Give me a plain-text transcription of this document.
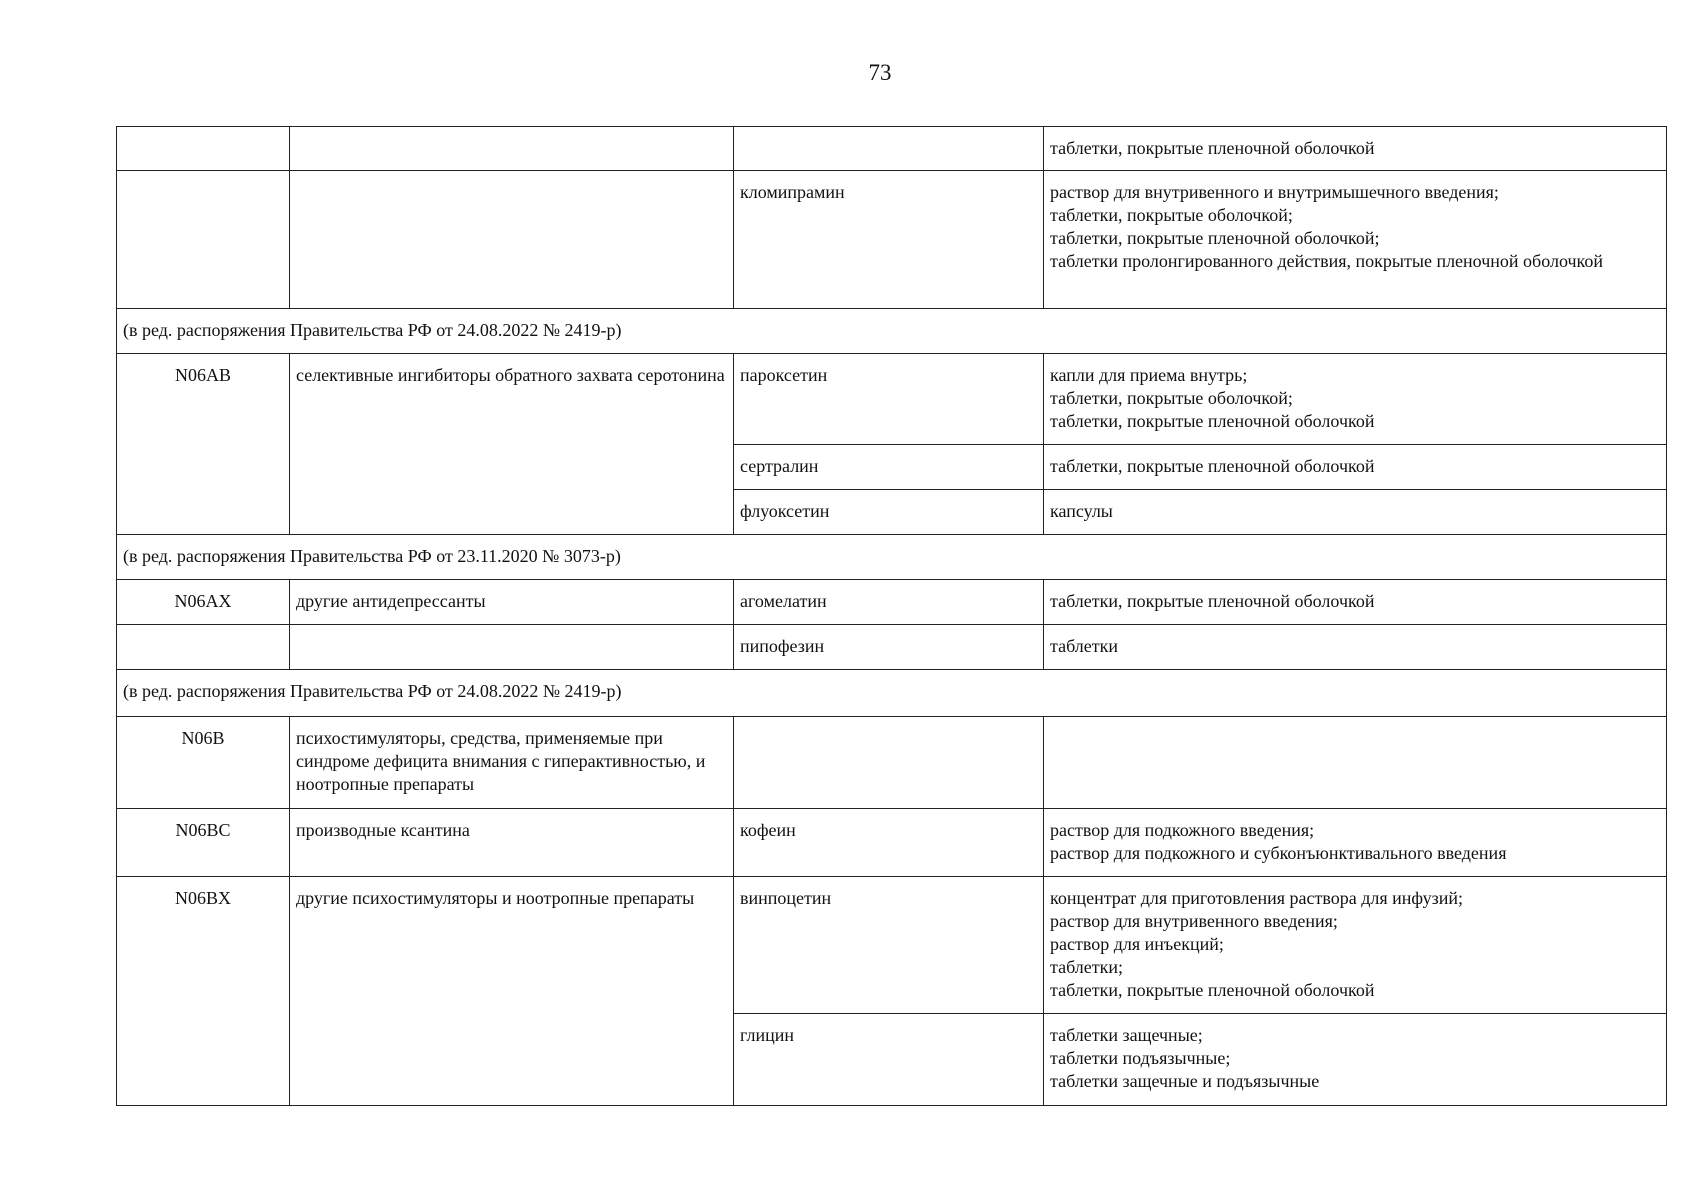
73
			таблетки, покрытые пленочной оболочкой
		кломипрамин	раствор для внутривенного и внутримышечного введения;
таблетки, покрытые оболочкой;
таблетки, покрытые пленочной оболочкой;
таблетки пролонгированного действия, покрытые пленочной оболочкой
(в ред. распоряжения Правительства РФ от 24.08.2022 № 2419-р)			
N06AB	селективные ингибиторы обратного захвата серотонина	пароксетин	капли для приема внутрь;
таблетки, покрытые оболочкой;
таблетки, покрытые пленочной оболочкой
		сертралин	таблетки, покрытые пленочной оболочкой
		флуоксетин	капсулы
(в ред. распоряжения Правительства РФ от 23.11.2020 № 3073-р)			
N06AX	другие антидепрессанты	агомелатин	таблетки, покрытые пленочной оболочкой
		пипофезин	таблетки
(в ред. распоряжения Правительства РФ от 24.08.2022 № 2419-р)			
N06B	психостимуляторы, средства, применяемые при синдроме дефицита внимания с гиперактивностью, и ноотропные препараты		
N06BC	производные ксантина	кофеин	раствор для подкожного введения;
раствор для подкожного и субконъюнктивального введения
N06BX	другие психостимуляторы и ноотропные препараты	винпоцетин	концентрат для приготовления раствора для инфузий;
раствор для внутривенного введения;
раствор для инъекций;
таблетки;
таблетки, покрытые пленочной оболочкой
		глицин	таблетки защечные;
таблетки подъязычные;
таблетки защечные и подъязычные
